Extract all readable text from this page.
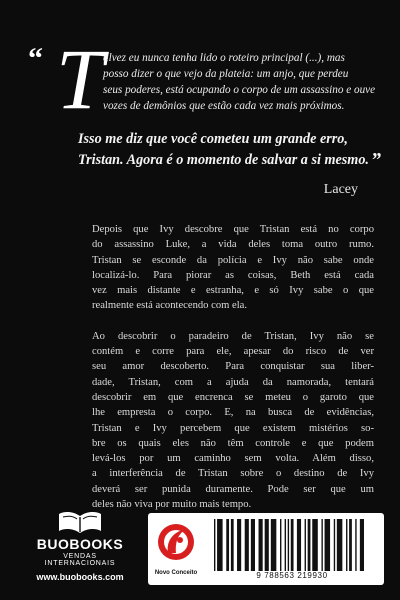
“ T alvez eu nunca tenha lido o roteiro principal (...), mas
posso dizer o que vejo da plateia: um anjo, que perdeu
seus poderes, está ocupando o corpo de um assassino e ouve
vozes de demônios que estão cada vez mais próximos.
Isso me diz que você cometeu um grande erro,
Tristan. Agora é o momento de salvar a si mesmo. ”
Lacey

Depois que Ivy descobre que Tristan está no corpo
do assassino Luke, a vida deles toma outro rumo.
Tristan se esconde da polícia e Ivy não sabe onde
localizá-lo. Para piorar as coisas, Beth está cada
vez mais distante e estranha, e só Ivy sabe o que
realmente está acontecendo com ela.

Ao descobrir o paradeiro de Tristan, Ivy não se
contém e corre para ele, apesar do risco de ver
seu amor descoberto. Para conquistar sua liber-
dade, Tristan, com a ajuda da namorada, tentará
descobrir em que encrenca se meteu o garoto que
lhe empresta o corpo. E, na busca de evidências,
Tristan e Ivy percebem que existem mistérios so-
bre os quais eles não têm controle e que podem
levá-los por um caminho sem volta. Além disso,
a interferência de Tristan sobre o destino de Ivy
deverá ser punida duramente. Pode ser que um
deles não viva por muito mais tempo.

BUOBOOKS
VENDAS INTERNACIONAIS
www.buobooks.com	Novo Conceito	9 788563 219930
